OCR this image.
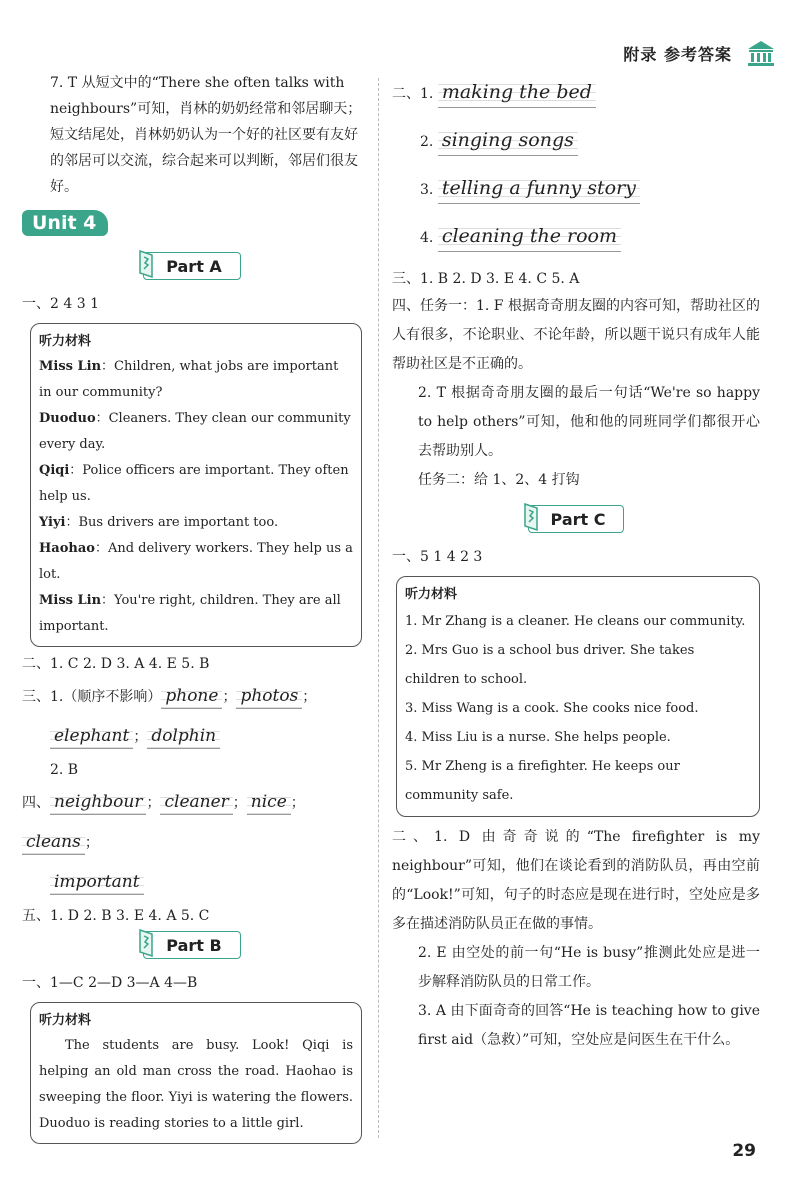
附录 参考答案

7. T 从短文中的“There she often talks with neighbours”可知，肖林的奶奶经常和邻居聊天；短文结尾处，肖林奶奶认为一个好的社区要有友好的邻居可以交流，综合起来可以判断，邻居们很友好。

Unit 4
Part A

一、2 4 3 1

听力材料
Miss Lin：Children, what jobs are important in our community?
Duoduo：Cleaners. They clean our community every day.
Qiqi：Police officers are important. They often help us.
Yiyi：Bus drivers are important too.
Haohao：And delivery workers. They help us a lot.
Miss Lin：You're right, children. They are all important.

二、1. C 2. D 3. A 4. E 5. B

三、1.（顺序不影响） phone ； photos ；

elephant ； dolphin

2. B

四、 neighbour ； cleaner ； nice ；cleans ；

important

五、1. D 2. B 3. E 4. A 5. C

Part B

一、1—C 2—D 3—A 4—B

听力材料
The students are busy. Look! Qiqi is helping an old man cross the road. Haohao is sweeping the floor. Yiyi is watering the flowers. Duoduo is reading stories to a little girl.

二、1. making the bed

2. singing songs

3. telling a funny story

4. cleaning the room

三、1. B 2. D 3. E 4. C 5. A

四、任务一：1. F 根据奇奇朋友圈的内容可知，帮助社区的人有很多，不论职业、不论年龄，所以题干说只有成年人能帮助社区是不正确的。

2. T 根据奇奇朋友圈的最后一句话“We're so happy to help others”可知，他和他的同班同学们都很开心去帮助别人。

任务二：给 1、2、4 打钩

Part C

一、5 1 4 2 3

听力材料
1. Mr Zhang is a cleaner. He cleans our community.
2. Mrs Guo is a school bus driver. She takes children to school.
3. Miss Wang is a cook. She cooks nice food.
4. Miss Liu is a nurse. She helps people.
5. Mr Zheng is a firefighter. He keeps our community safe.

二、1. D 由奇奇说的“The firefighter is my neighbour”可知，他们在谈论看到的消防队员，再由空前的“Look!”可知，句子的时态应是现在进行时，空处应是多多在描述消防队员正在做的事情。

2. E 由空处的前一句“He is busy”推测此处应是进一步解释消防队员的日常工作。

3. A 由下面奇奇的回答“He is teaching how to give first aid（急救）”可知，空处应是问医生在干什么。

29
